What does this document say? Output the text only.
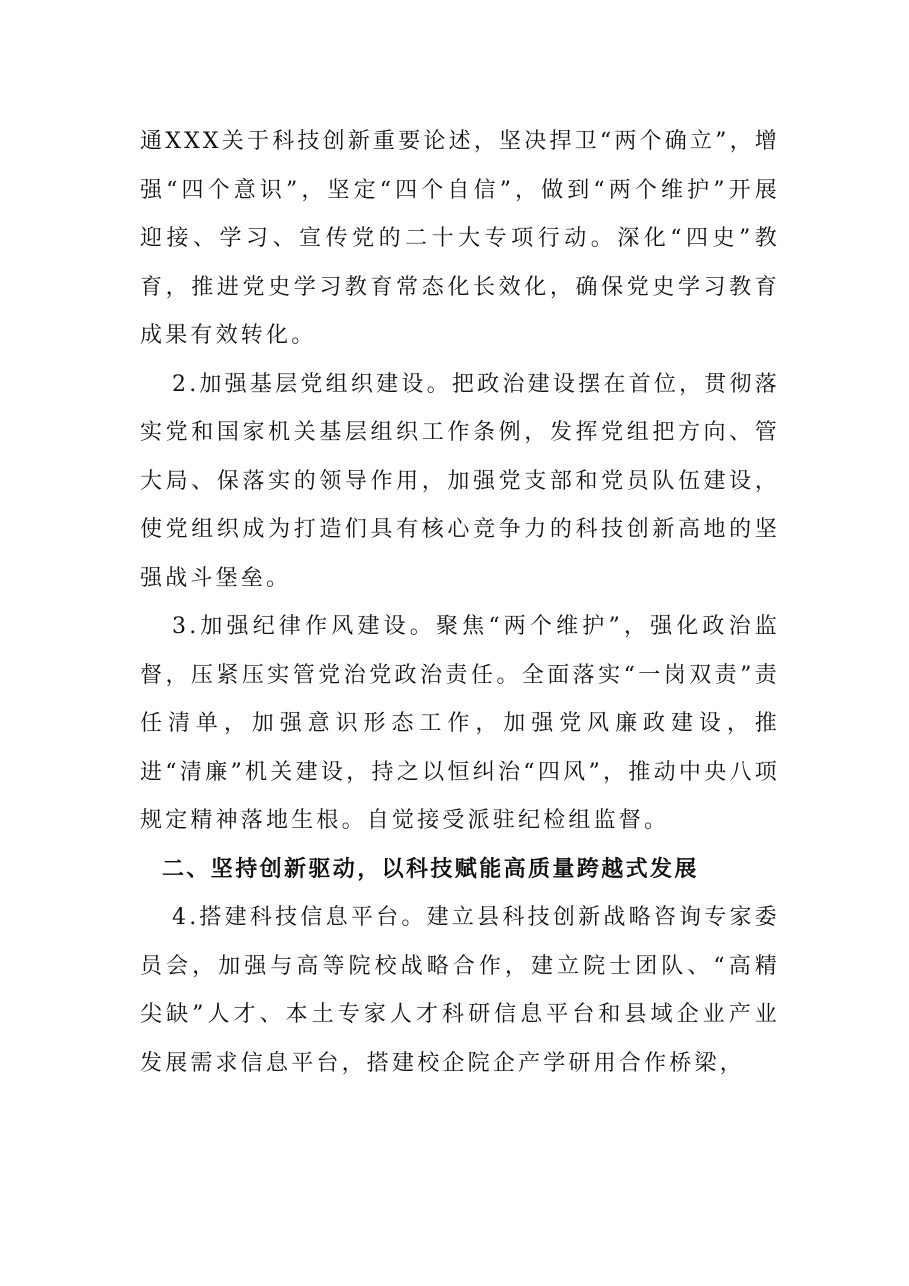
通XXX关于科技创新重要论述，坚决捍卫“两个确立”，增强“四个意识”，坚定“四个自信”，做到“两个维护”开展迎接、学习、宣传党的二十大专项行动。深化“四史”教育，推进党史学习教育常态化长效化，确保党史学习教育成果有效转化。

2.加强基层党组织建设。把政治建设摆在首位，贯彻落实党和国家机关基层组织工作条例，发挥党组把方向、管大局、保落实的领导作用，加强党支部和党员队伍建设，使党组织成为打造们具有核心竞争力的科技创新高地的坚强战斗堡垒。

3.加强纪律作风建设。聚焦“两个维护”，强化政治监督，压紧压实管党治党政治责任。全面落实“一岗双责”责任清单，加强意识形态工作，加强党风廉政建设，推进“清廉”机关建设，持之以恒纠治“四风”，推动中央八项规定精神落地生根。自觉接受派驻纪检组监督。

二、坚持创新驱动，以科技赋能高质量跨越式发展

4.搭建科技信息平台。建立县科技创新战略咨询专家委员会，加强与高等院校战略合作，建立院士团队、“高精尖缺”人才、本土专家人才科研信息平台和县域企业产业发展需求信息平台，搭建校企院企产学研用合作桥梁，
